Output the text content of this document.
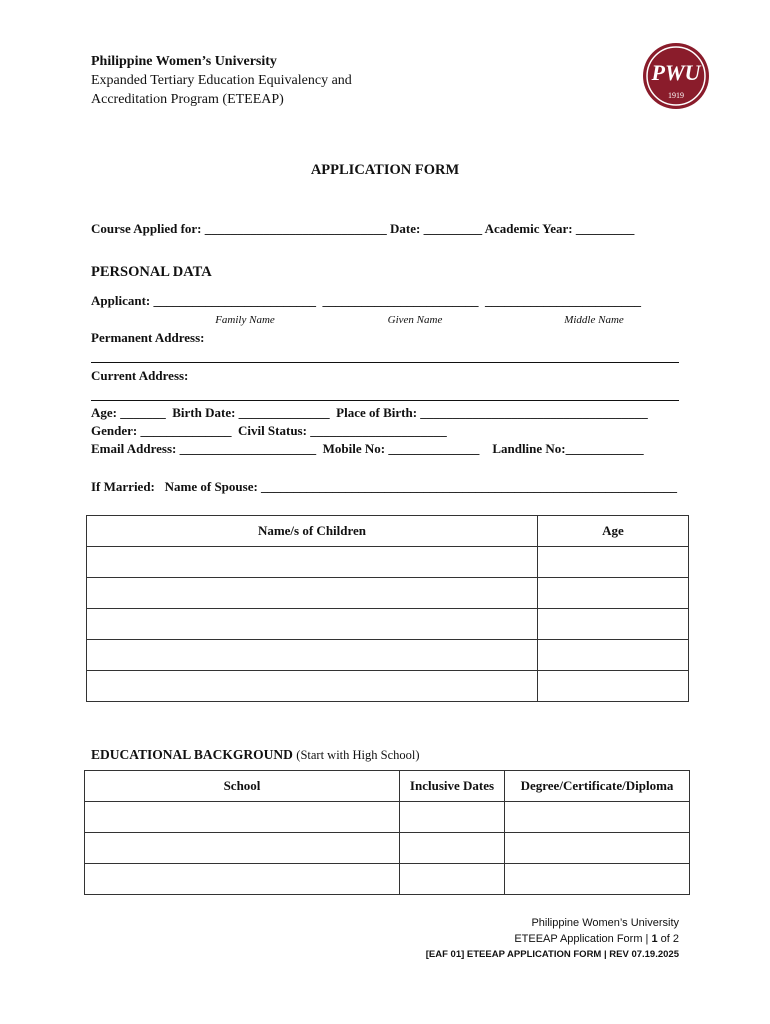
Philippine Women’s University
Expanded Tertiary Education Equivalency and
Accreditation Program (ETEEAP)
PWU
1919
APPLICATION FORM
Course Applied for: ____________________________ Date: _________ Academic Year: _________
PERSONAL DATA
Applicant: _________________________  ________________________  ________________________
Family Name	Given Name	Middle Name
Permanent Address:
Current Address:
Age: _______  Birth Date: ______________  Place of Birth: ___________________________________
Gender: ______________  Civil Status: _____________________
Email Address: _____________________  Mobile No: ______________    Landline No:____________
If Married:   Name of Spouse: ________________________________________________________________
Name/s of Children	Age

EDUCATIONAL BACKGROUND (Start with High School)
School	Inclusive Dates	Degree/Certificate/Diploma

Philippine Women’s University
ETEEAP Application Form | 1 of 2
[EAF 01] ETEEAP APPLICATION FORM | REV 07.19.2025
